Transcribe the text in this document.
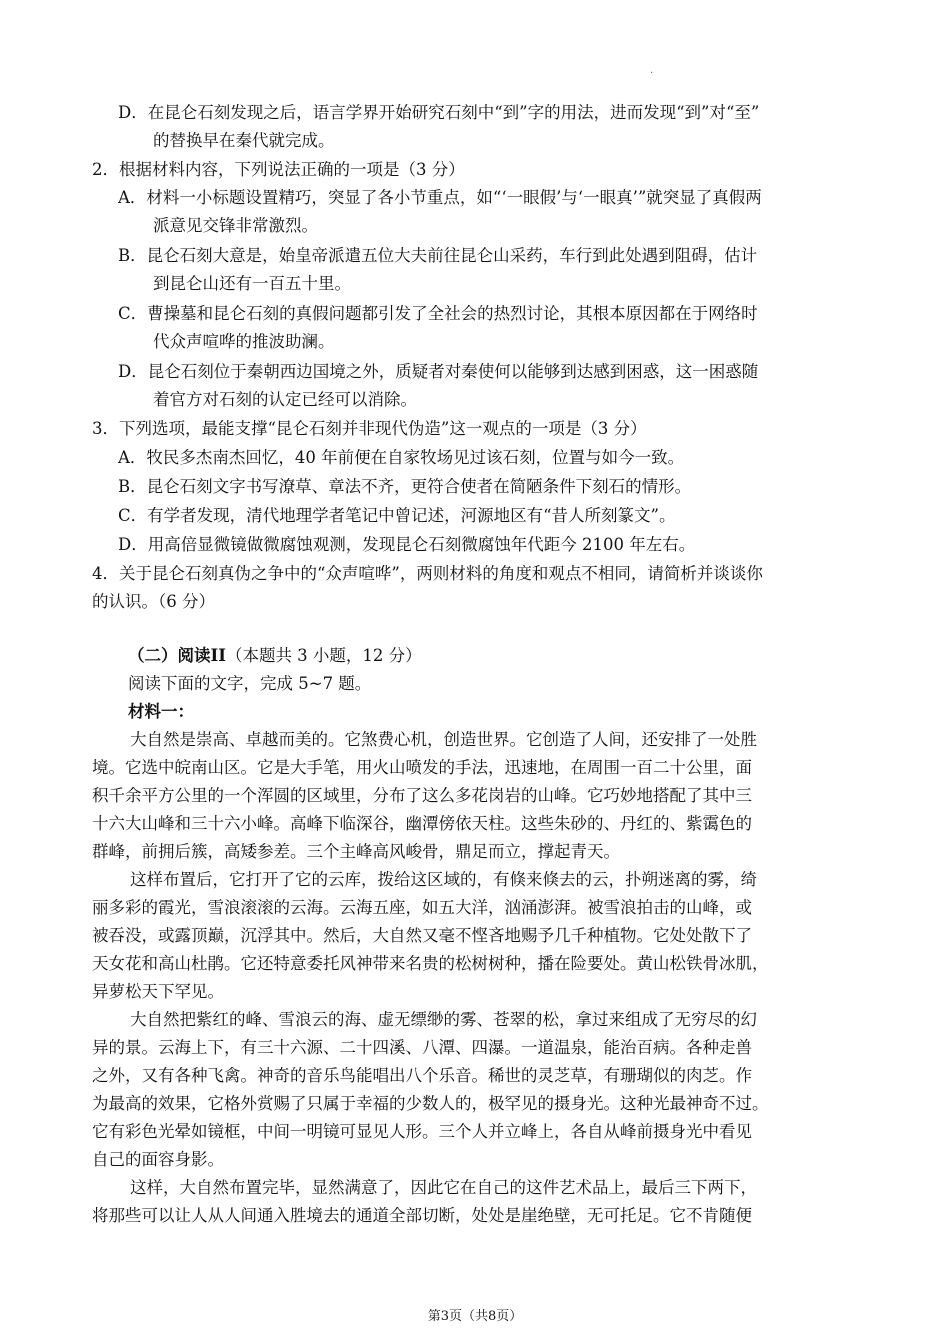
·
D．在昆仑石刻发现之后，语言学界开始研究石刻中“到”字的用法，进而发现“到”对“至”
的替换早在秦代就完成。
2．根据材料内容，下列说法正确的一项是（3 分）
A．材料一小标题设置精巧，突显了各小节重点，如“‘一眼假’与‘一眼真’”就突显了真假两
派意见交锋非常激烈。
B．昆仑石刻大意是，始皇帝派遣五位大夫前往昆仑山采药，车行到此处遇到阻碍，估计
到昆仑山还有一百五十里。
C．曹操墓和昆仑石刻的真假问题都引发了全社会的热烈讨论，其根本原因都在于网络时
代众声喧哗的推波助澜。
D．昆仑石刻位于秦朝西边国境之外，质疑者对秦使何以能够到达感到困惑，这一困惑随
着官方对石刻的认定已经可以消除。
3．下列选项，最能支撑“昆仑石刻并非现代伪造”这一观点的一项是（3 分）
A．牧民多杰南杰回忆，40 年前便在自家牧场见过该石刻，位置与如今一致。
B．昆仑石刻文字书写潦草、章法不齐，更符合使者在简陋条件下刻石的情形。
C．有学者发现，清代地理学者笔记中曾记述，河源地区有“昔人所刻篆文”。
D．用高倍显微镜做微腐蚀观测，发现昆仑石刻微腐蚀年代距今 2100 年左右。
4．关于昆仑石刻真伪之争中的“众声喧哗”，两则材料的角度和观点不相同，请简析并谈谈你
的认识。（6 分）
（二）阅读II（本题共 3 小题，12 分）
阅读下面的文字，完成 5~7 题。
材料一：
大自然是崇高、卓越而美的。它煞费心机，创造世界。它创造了人间，还安排了一处胜
境。它选中皖南山区。它是大手笔，用火山喷发的手法，迅速地，在周围一百二十公里，面
积千余平方公里的一个浑圆的区域里，分布了这么多花岗岩的山峰。它巧妙地搭配了其中三
十六大山峰和三十六小峰。高峰下临深谷，幽潭傍依天柱。这些朱砂的、丹红的、紫霭色的
群峰，前拥后簇，高矮参差。三个主峰高风峻骨，鼎足而立，撑起青天。
这样布置后，它打开了它的云库，拨给这区域的，有倏来倏去的云，扑朔迷离的雾，绮
丽多彩的霞光，雪浪滚滚的云海。云海五座，如五大洋，汹涌澎湃。被雪浪拍击的山峰，或
被吞没，或露顶巅，沉浮其中。然后，大自然又毫不悭吝地赐予几千种植物。它处处散下了
天女花和高山杜鹃。它还特意委托风神带来名贵的松树树种，播在险要处。黄山松铁骨冰肌，
异萝松天下罕见。
大自然把紫红的峰、雪浪云的海、虚无缥缈的雾、苍翠的松，拿过来组成了无穷尽的幻
异的景。云海上下，有三十六源、二十四溪、八潭、四瀑。一道温泉，能治百病。各种走兽
之外，又有各种飞禽。神奇的音乐鸟能唱出八个乐音。稀世的灵芝草，有珊瑚似的肉芝。作
为最高的效果，它格外赏赐了只属于幸福的少数人的，极罕见的摄身光。这种光最神奇不过。
它有彩色光晕如镜框，中间一明镜可显见人形。三个人并立峰上，各自从峰前摄身光中看见
自己的面容身影。
这样，大自然布置完毕，显然满意了，因此它在自己的这件艺术品上，最后三下两下，
将那些可以让人从人间通入胜境去的通道全部切断，处处是崖绝壁，无可托足。它不肯随便
第3页（共8页）
